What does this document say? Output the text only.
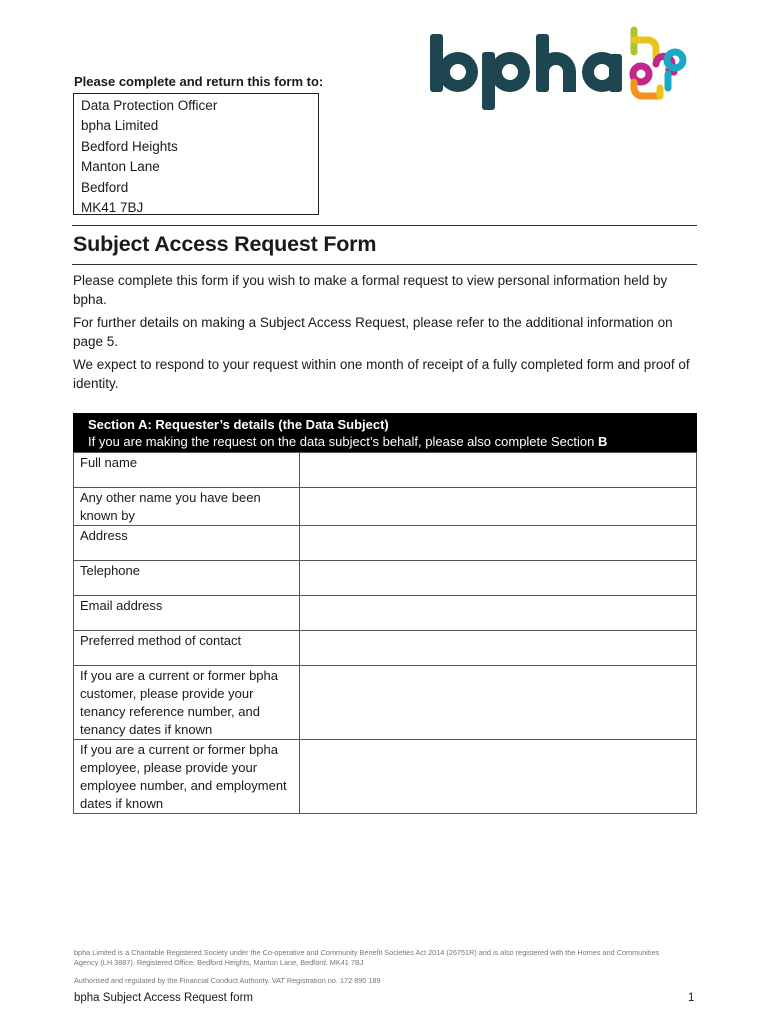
Please complete and return this form to:
Data Protection Officer
bpha Limited
Bedford Heights
Manton Lane
Bedford
MK41 7BJ
Subject Access Request Form
Please complete this form if you wish to make a formal request to view personal information held by bpha.
For further details on making a Subject Access Request, please refer to the additional information on page 5.
We expect to respond to your request within one month of receipt of a fully completed form and proof of identity.
Section A: Requester’s details (the Data Subject)
If you are making the request on the data subject’s behalf, please also complete Section B
Full name	
Any other name you have been known by	
Address	
Telephone	
Email address	
Preferred method of contact	
If you are a current or former bpha customer, please provide your tenancy reference number, and tenancy dates if known	
If you are a current or former bpha employee, please provide your employee number, and employment dates if known	
bpha Limited is a Charitable Registered Society under the Co-operative and Community Benefit Societies Act 2014 (26751R) and is also registered with the Homes and Communities Agency (LH 3887). Registered Office: Bedford Heights, Manton Lane, Bedford. MK41 7BJ
Authorised and regulated by the Financial Conduct Authority. VAT Registration no. 172 890 189
bpha Subject Access Request form	1
